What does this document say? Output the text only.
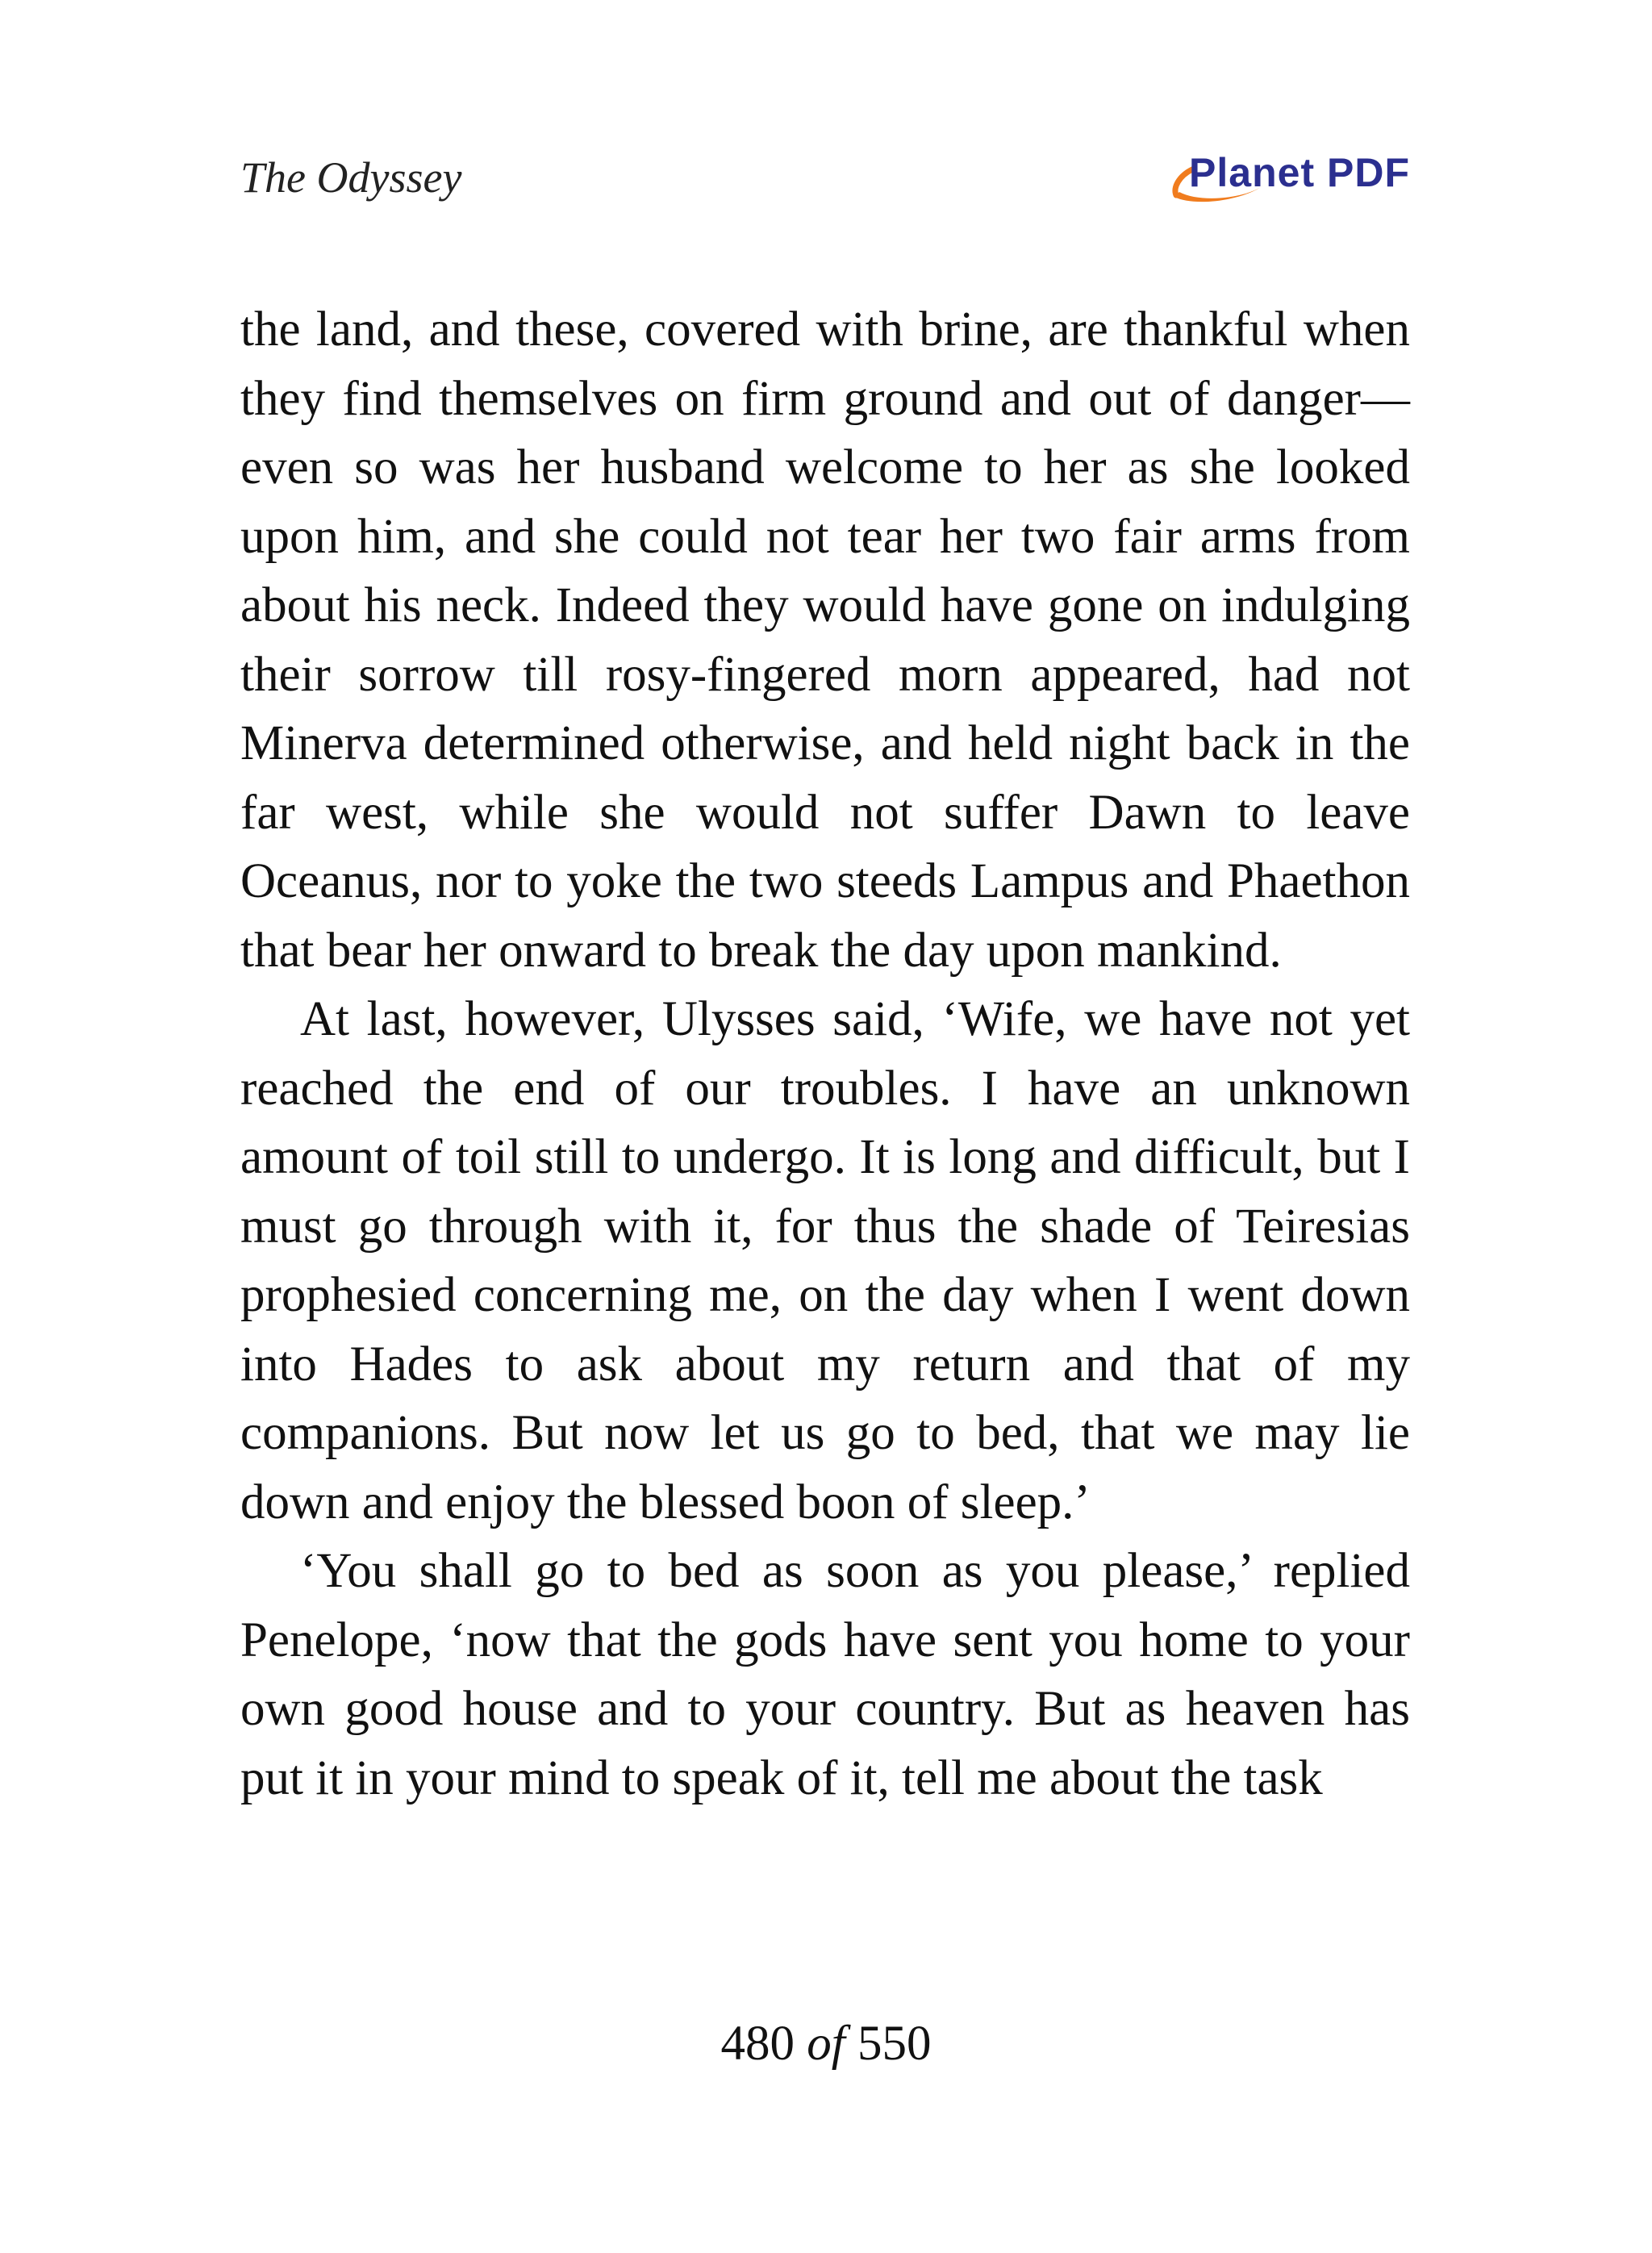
The Odyssey	Planet PDF

the land, and these, covered with brine, are thankful when they find themselves on firm ground and out of danger— even so was her husband welcome to her as she looked upon him, and she could not tear her two fair arms from about his neck. Indeed they would have gone on indulging their sorrow till rosy-fingered morn appeared, had not Minerva determined otherwise, and held night back in the far west, while she would not suffer Dawn to leave Oceanus, nor to yoke the two steeds Lampus and Phaethon that bear her onward to break the day upon mankind.

At last, however, Ulysses said, ‘Wife, we have not yet reached the end of our troubles. I have an unknown amount of toil still to undergo. It is long and difficult, but I must go through with it, for thus the shade of Teiresias prophesied concerning me, on the day when I went down into Hades to ask about my return and that of my companions. But now let us go to bed, that we may lie down and enjoy the blessed boon of sleep.’

‘You shall go to bed as soon as you please,’ replied Penelope, ‘now that the gods have sent you home to your own good house and to your country. But as heaven has put it in your mind to speak of it, tell me about the task

480 of 550
